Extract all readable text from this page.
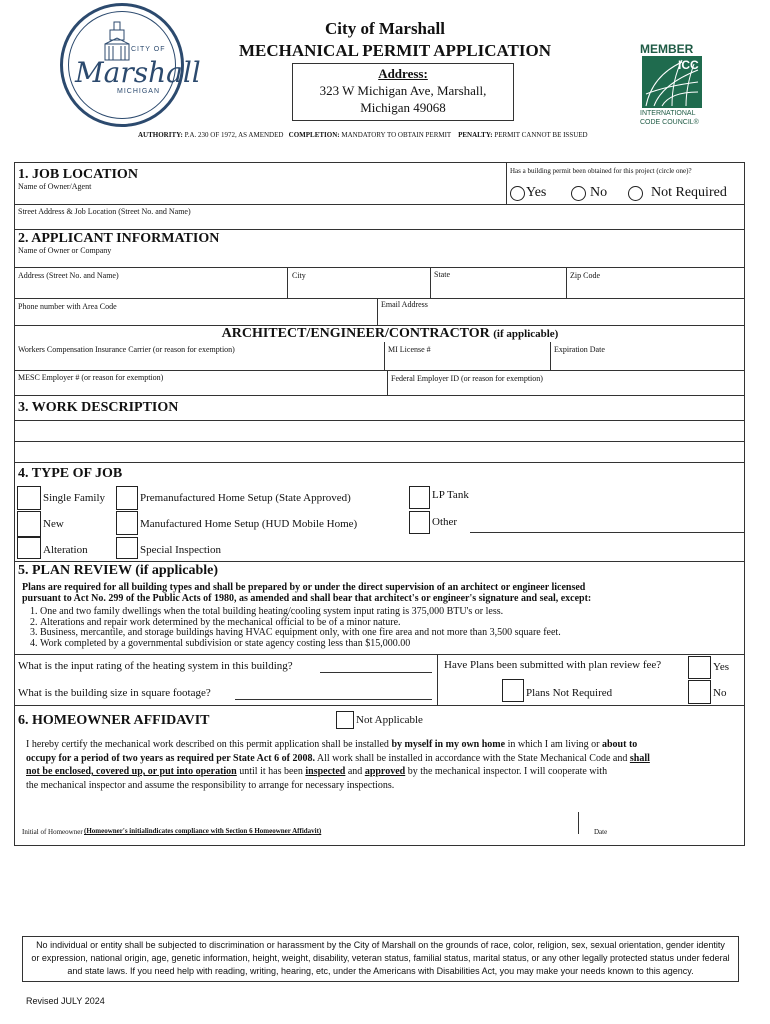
CITY OF
Marshall
MICHIGAN
City of Marshall
MECHANICAL PERMIT APPLICATION
Address:
323 W Michigan Ave, Marshall,
Michigan 49068
MEMBER
ICC
INTERNATIONAL
CODE COUNCIL®
AUTHORITY: P.A. 230 OF 1972, AS AMENDED COMPLETION: MANDATORY TO OBTAIN PERMIT PENALTY: PERMIT CANNOT BE ISSUED
1. JOB LOCATION
Name of Owner/Agent
Has a building permit been obtained for this project (circle one)?
Yes	No	Not Required
Street Address & Job Location (Street No. and Name)
2. APPLICANT INFORMATION
Name of Owner or Company
Address (Street No. and Name)	City	State	Zip Code
Phone number with Area Code	Email Address
ARCHITECT/ENGINEER/CONTRACTOR (if applicable)
Workers Compensation Insurance Carrier (or reason for exemption)	MI License #	Expiration Date
MESC Employer # (or reason for exemption)	Federal Employer ID (or reason for exemption)
3. WORK DESCRIPTION
4. TYPE OF JOB
Single Family
New
Alteration
Premanufactured Home Setup (State Approved)
Manufactured Home Setup (HUD Mobile Home)
Special Inspection
LP Tank
Other
5. PLAN REVIEW (if applicable)
Plans are required for all building types and shall be prepared by or under the direct supervision of an architect or engineer licensed
pursuant to Act No. 299 of the Public Acts of 1980, as amended and shall bear that architect's or engineer's signature and seal, except:
1. One and two family dwellings when the total building heating/cooling system input rating is 375,000 BTU's or less.
2. Alterations and repair work determined by the mechanical official to be of a minor nature.
3. Business, mercantile, and storage buildings having HVAC equipment only, with one fire area and not more than 3,500 square feet.
4. Work completed by a governmental subdivision or state agency costing less than $15,000.00
What is the input rating of the heating system in this building?
What is the building size in square footage?
Have Plans been submitted with plan review fee?	Yes
No
Plans Not Required
6. HOMEOWNER AFFIDAVIT	Not Applicable
I hereby certify the mechanical work described on this permit application shall be installed by myself in my own home in which I am living or about to
occupy for a period of two years as required per State Act 6 of 2008. All work shall be installed in accordance with the State Mechanical Code and shall
not be enclosed, covered up, or put into operation until it has been inspected and approved by the mechanical inspector. I will cooperate with
the mechanical inspector and assume the responsibility to arrange for necessary inspections.
Initial of Homeowner (Homeowner's initialindicates compliance with Section 6 Homeowner Affidavit)	Date
No individual or entity shall be subjected to discrimination or harassment by the City of Marshall on the grounds of race, color, religion, sex, sexual orientation, gender identity
or expression, national origin, age, genetic information, height, weight, disability, veteran status, familial status, marital status, or any other legally protected status under federal
and state laws. If you need help with reading, writing, hearing, etc, under the Americans with Disabilities Act, you may make your needs known to this agency.
Revised JULY 2024
